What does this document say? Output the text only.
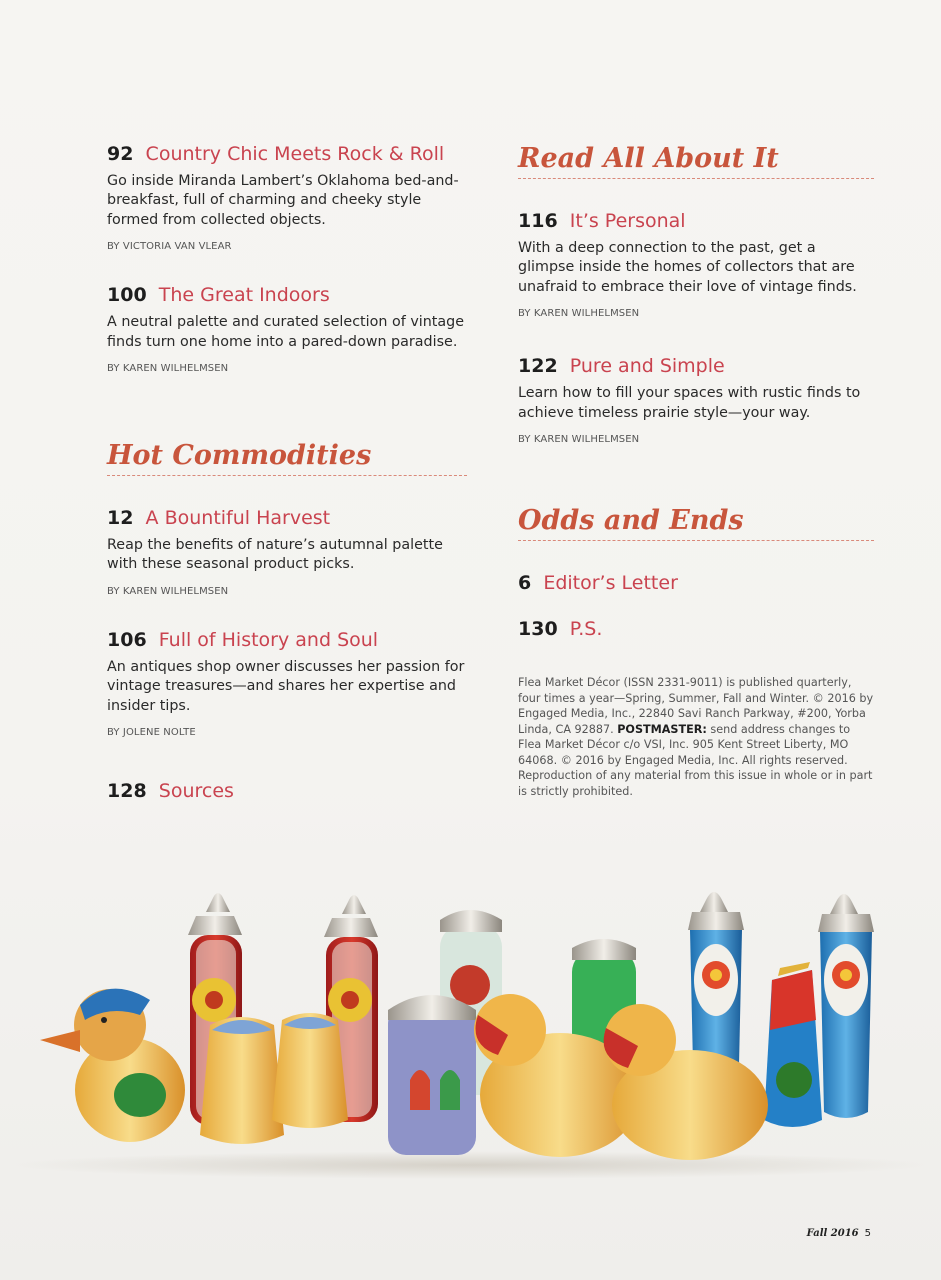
92 Country Chic Meets Rock & Roll

Go inside Miranda Lambert’s Oklahoma bed-and-breakfast, full of charming and cheeky style formed from collected objects.

BY VICTORIA VAN VLEAR

100 The Great Indoors

A neutral palette and curated selection of vintage finds turn one home into a pared-down paradise.

BY KAREN WILHELMSEN

Hot Commodities
12 A Bountiful Harvest

Reap the benefits of nature’s autumnal palette with these seasonal product picks.

BY KAREN WILHELMSEN

106 Full of History and Soul

An antiques shop owner discusses her passion for vintage treasures—and shares her expertise and insider tips.

BY JOLENE NOLTE

128 Sources
Read All About It
116 It’s Personal

With a deep connection to the past, get a glimpse inside the homes of collectors that are unafraid to embrace their love of vintage finds.

BY KAREN WILHELMSEN

122 Pure and Simple

Learn how to fill your spaces with rustic finds to achieve timeless prairie style—your way.

BY KAREN WILHELMSEN

Odds and Ends
6 Editor’s Letter
130 P.S.

Flea Market Décor (ISSN 2331-9011) is published quarterly, four times a year—Spring, Summer, Fall and Winter. © 2016 by Engaged Media, Inc., 22840 Savi Ranch Parkway, #200, Yorba Linda, CA 92887. POSTMASTER: send address changes to Flea Market Décor c/o VSI, Inc. 905 Kent Street Liberty, MO 64068. © 2016 by Engaged Media, Inc. All rights reserved. Reproduction of any material from this issue in whole or in part is strictly prohibited.

Fall 2016 5
